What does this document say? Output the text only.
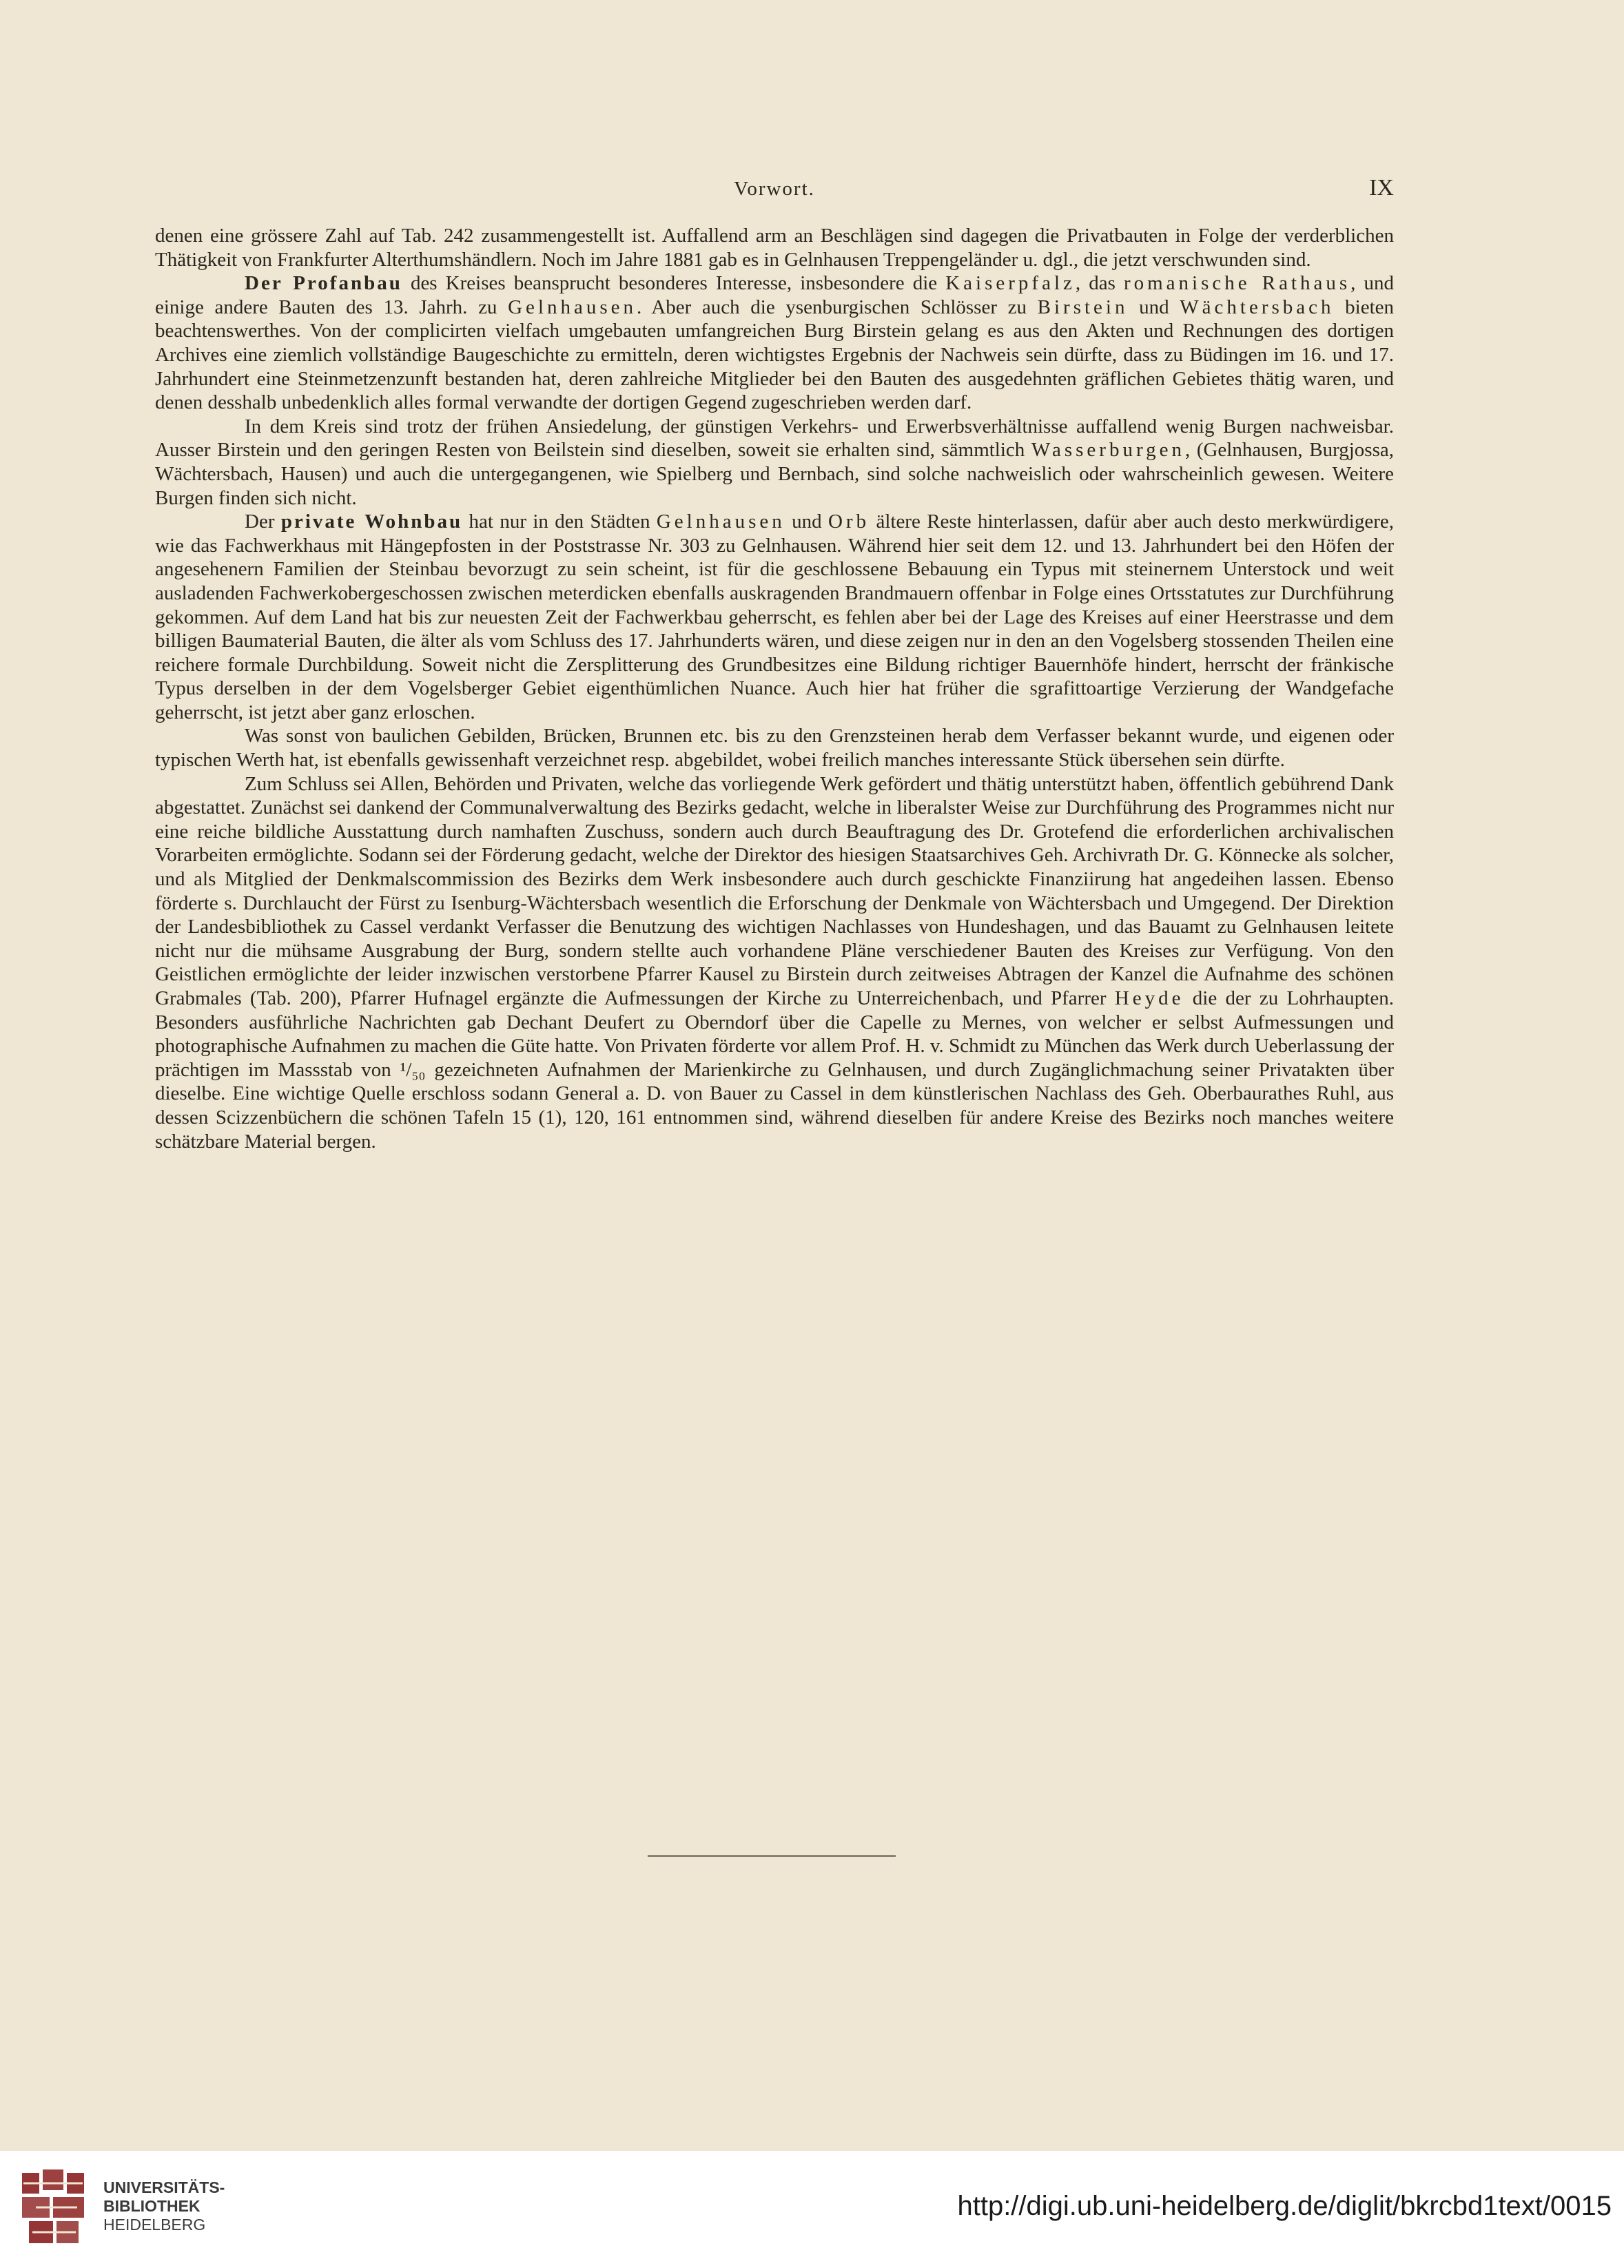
Vorwort.	IX

denen eine grössere Zahl auf Tab. 242 zusammengestellt ist. Auffallend arm an Beschlägen sind dagegen die Privatbauten in Folge der verderblichen Thätigkeit von Frankfurter Alterthumshändlern. Noch im Jahre 1881 gab es in Gelnhausen Treppengeländer u. dgl., die jetzt verschwunden sind.

Der Profanbau des Kreises beansprucht besonderes Interesse, insbesondere die Kaiserpfalz, das romanische Rathaus, und einige andere Bauten des 13. Jahrh. zu Gelnhausen. Aber auch die ysenburgischen Schlösser zu Birstein und Wächtersbach bieten beachtenswerthes. Von der complicirten vielfach umgebauten umfangreichen Burg Birstein gelang es aus den Akten und Rechnungen des dortigen Archives eine ziemlich vollständige Baugeschichte zu ermitteln, deren wichtigstes Ergebnis der Nachweis sein dürfte, dass zu Büdingen im 16. und 17. Jahrhundert eine Steinmetzenzunft bestanden hat, deren zahlreiche Mitglieder bei den Bauten des ausgedehnten gräflichen Gebietes thätig waren, und denen desshalb unbedenklich alles formal verwandte der dortigen Gegend zugeschrieben werden darf.

In dem Kreis sind trotz der frühen Ansiedelung, der günstigen Verkehrs- und Erwerbsverhältnisse auffallend wenig Burgen nachweisbar. Ausser Birstein und den geringen Resten von Beilstein sind dieselben, soweit sie erhalten sind, sämmtlich Wasserburgen, (Gelnhausen, Burgjossa, Wächtersbach, Hausen) und auch die untergegangenen, wie Spielberg und Bernbach, sind solche nachweislich oder wahrscheinlich gewesen. Weitere Burgen finden sich nicht.

Der private Wohnbau hat nur in den Städten Gelnhausen und Orb ältere Reste hinterlassen, dafür aber auch desto merkwürdigere, wie das Fachwerkhaus mit Hängepfosten in der Poststrasse Nr. 303 zu Gelnhausen. Während hier seit dem 12. und 13. Jahrhundert bei den Höfen der angesehenern Familien der Steinbau bevorzugt zu sein scheint, ist für die geschlossene Bebauung ein Typus mit steinernem Unterstock und weit ausladenden Fachwerkobergeschossen zwischen meterdicken ebenfalls auskragenden Brandmauern offenbar in Folge eines Ortsstatutes zur Durchführung gekommen. Auf dem Land hat bis zur neuesten Zeit der Fachwerkbau geherrscht, es fehlen aber bei der Lage des Kreises auf einer Heerstrasse und dem billigen Baumaterial Bauten, die älter als vom Schluss des 17. Jahrhunderts wären, und diese zeigen nur in den an den Vogelsberg stossenden Theilen eine reichere formale Durchbildung. Soweit nicht die Zersplitterung des Grundbesitzes eine Bildung richtiger Bauernhöfe hindert, herrscht der fränkische Typus derselben in der dem Vogelsberger Gebiet eigenthümlichen Nuance. Auch hier hat früher die sgrafittoartige Verzierung der Wandgefache geherrscht, ist jetzt aber ganz erloschen.

Was sonst von baulichen Gebilden, Brücken, Brunnen etc. bis zu den Grenzsteinen herab dem Verfasser bekannt wurde, und eigenen oder typischen Werth hat, ist ebenfalls gewissenhaft verzeichnet resp. abgebildet, wobei freilich manches interessante Stück übersehen sein dürfte.

Zum Schluss sei Allen, Behörden und Privaten, welche das vorliegende Werk gefördert und thätig unterstützt haben, öffentlich gebührend Dank abgestattet. Zunächst sei dankend der Communalverwaltung des Bezirks gedacht, welche in liberalster Weise zur Durchführung des Programmes nicht nur eine reiche bildliche Ausstattung durch namhaften Zuschuss, sondern auch durch Beauftragung des Dr. Grotefend die erforderlichen archivalischen Vorarbeiten ermöglichte. Sodann sei der Förderung gedacht, welche der Direktor des hiesigen Staatsarchives Geh. Archivrath Dr. G. Könnecke als solcher, und als Mitglied der Denkmalscommission des Bezirks dem Werk insbesondere auch durch geschickte Finanziirung hat angedeihen lassen. Ebenso förderte s. Durchlaucht der Fürst zu Isenburg-Wächtersbach wesentlich die Erforschung der Denkmale von Wächtersbach und Umgegend. Der Direktion der Landesbibliothek zu Cassel verdankt Verfasser die Benutzung des wichtigen Nachlasses von Hundeshagen, und das Bauamt zu Gelnhausen leitete nicht nur die mühsame Ausgrabung der Burg, sondern stellte auch vorhandene Pläne verschiedener Bauten des Kreises zur Verfügung. Von den Geistlichen ermöglichte der leider inzwischen verstorbene Pfarrer Kausel zu Birstein durch zeitweises Abtragen der Kanzel die Aufnahme des schönen Grabmales (Tab. 200), Pfarrer Hufnagel ergänzte die Aufmessungen der Kirche zu Unterreichenbach, und Pfarrer Heyde die der zu Lohrhaupten. Besonders ausführliche Nachrichten gab Dechant Deufert zu Oberndorf über die Capelle zu Mernes, von welcher er selbst Aufmessungen und photographische Aufnahmen zu machen die Güte hatte. Von Privaten förderte vor allem Prof. H. v. Schmidt zu München das Werk durch Ueberlassung der prächtigen im Massstab von ¹/₅₀ gezeichneten Aufnahmen der Marienkirche zu Gelnhausen, und durch Zugänglichmachung seiner Privatakten über dieselbe. Eine wichtige Quelle erschloss sodann General a. D. von Bauer zu Cassel in dem künstlerischen Nachlass des Geh. Oberbaurathes Ruhl, aus dessen Scizzenbüchern die schönen Tafeln 15 (1), 120, 161 entnommen sind, während dieselben für andere Kreise des Bezirks noch manches weitere schätzbare Material bergen.

UNIVERSITÄTS-
BIBLIOTHEK
HEIDELBERG
http://digi.ub.uni-heidelberg.de/diglit/bkrcbd1text/0015
